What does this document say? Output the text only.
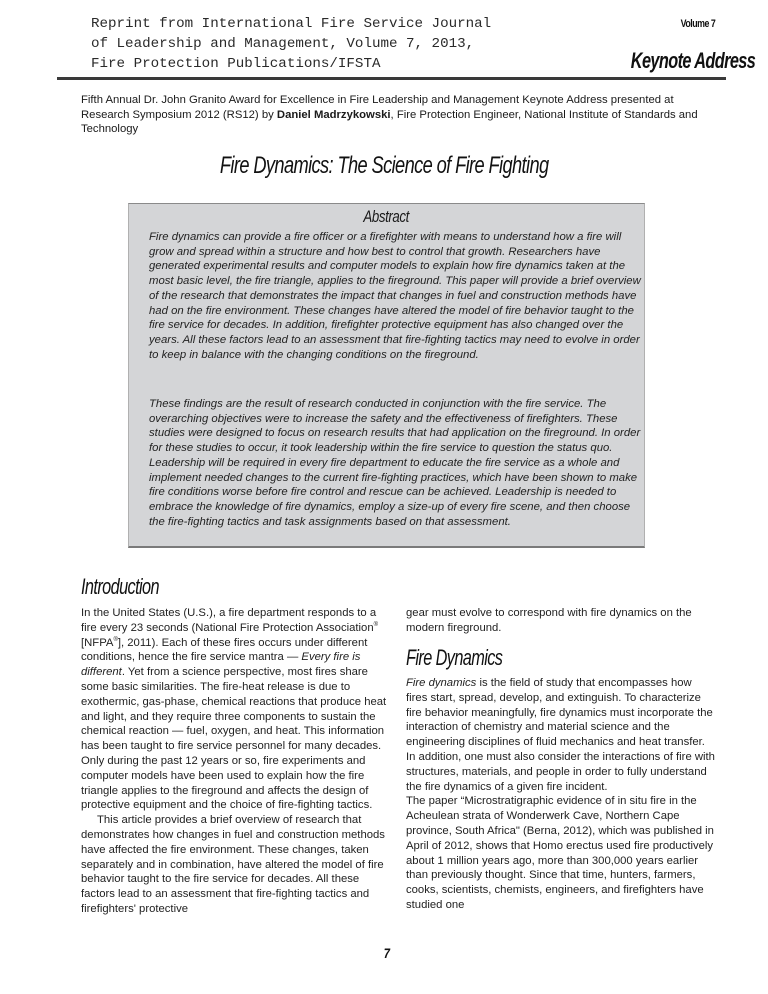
Reprint from International Fire Service Journal
of Leadership and Management, Volume 7, 2013,
Fire Protection Publications/IFSTA
Volume 7
Keynote Address
Fifth Annual Dr. John Granito Award for Excellence in Fire Leadership and Management Keynote Address presented at Research Symposium 2012 (RS12) by Daniel Madrzykowski, Fire Protection Engineer, National Institute of Standards and Technology
Fire Dynamics: The Science of Fire Fighting
Abstract

Fire dynamics can provide a fire officer or a firefighter with means to understand how a fire will grow and spread within a structure and how best to control that growth. Researchers have generated experimental results and computer models to explain how fire dynamics taken at the most basic level, the fire triangle, applies to the fireground. This paper will provide a brief overview of the research that demonstrates the impact that changes in fuel and construction methods have had on the fire environment. These changes have altered the model of fire behavior taught to the fire service for decades. In addition, firefighter protective equipment has also changed over the years. All these factors lead to an assessment that fire-fighting tactics may need to evolve in order to keep in balance with the changing conditions on the fireground.

These findings are the result of research conducted in conjunction with the fire service. The overarching objectives were to increase the safety and the effectiveness of firefighters. These studies were designed to focus on research results that had application on the fireground. In order for these studies to occur, it took leadership within the fire service to question the status quo. Leadership will be required in every fire department to educate the fire service as a whole and implement needed changes to the current fire-fighting practices, which have been shown to make fire conditions worse before fire control and rescue can be achieved. Leadership is needed to embrace the knowledge of fire dynamics, employ a size-up of every fire scene, and then choose the fire-fighting tactics and task assignments based on that assessment.

Introduction

In the United States (U.S.), a fire department responds to a fire every 23 seconds (National Fire Protection Association® [NFPA®], 2011). Each of these fires occurs under different conditions, hence the fire service mantra — Every fire is different. Yet from a science perspective, most fires share some basic similarities. The fire-heat release is due to exothermic, gas-phase, chemical reactions that produce heat and light, and they require three components to sustain the chemical reaction — fuel, oxygen, and heat. This information has been taught to fire service personnel for many decades. Only during the past 12 years or so, fire experiments and computer models have been used to explain how the fire triangle applies to the fireground and affects the design of protective equipment and the choice of fire-fighting tactics.

This article provides a brief overview of research that demonstrates how changes in fuel and construction methods have affected the fire environment. These changes, taken separately and in combination, have altered the model of fire behavior taught to the fire service for decades. All these factors lead to an assessment that fire-fighting tactics and firefighters' protective

gear must evolve to correspond with fire dynamics on the modern fireground.

Fire Dynamics

Fire dynamics is the field of study that encompasses how fires start, spread, develop, and extinguish. To characterize fire behavior meaningfully, fire dynamics must incorporate the interaction of chemistry and material science and the engineering disciplines of fluid mechanics and heat transfer. In addition, one must also consider the interactions of fire with structures, materials, and people in order to fully understand the fire dynamics of a given fire incident.

The paper “Microstratigraphic evidence of in situ fire in the Acheulean strata of Wonderwerk Cave, Northern Cape province, South Africa" (Berna, 2012), which was published in April of 2012, shows that Homo erectus used fire productively about 1 million years ago, more than 300,000 years earlier than previously thought. Since that time, hunters, farmers, cooks, scientists, chemists, engineers, and firefighters have studied one

7
